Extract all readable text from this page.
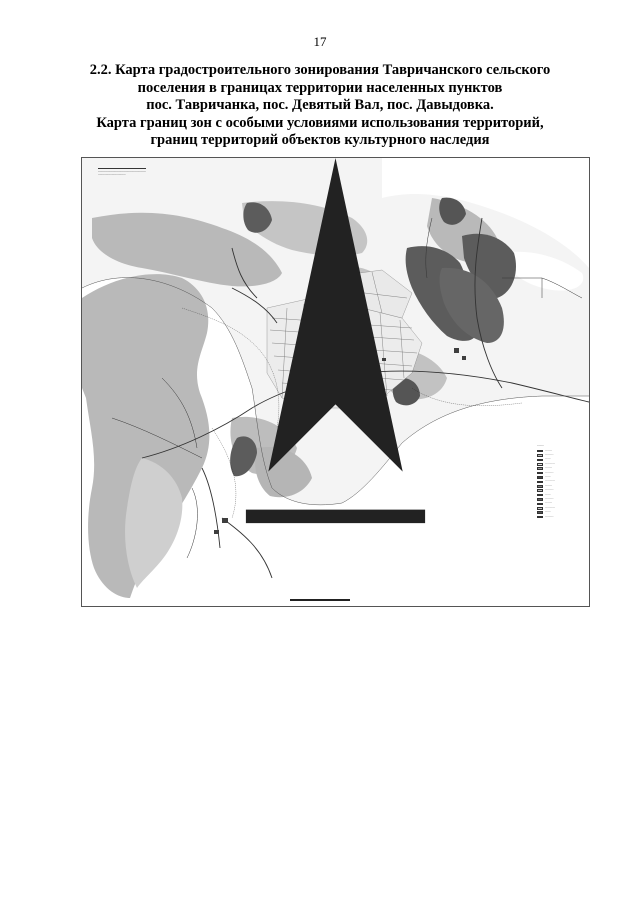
17
2.2. Карта градостроительного зонирования Тавричанского сельского
поселения в границах территории населенных пунктов
пос. Тавричанка, пос. Девятый Вал, пос. Давыдовка.
Карта границ зон с особыми условиями использования территорий,
границ территорий объектов культурного наследия
▬▬▬▬▬▬▬▬▬▬▬▬▬▬▬▬
──────────────────────────
‐‐‐‐‐‐‐‐‐‐‐‐‐‐‐‐‐‐‐‐‐‐‐‐‐‐‐‐‐‐‐‐
────
─────
──────
────
───────
─────
──────
────
───────
─────
──────
────
──────
─────
───────
────
──────
